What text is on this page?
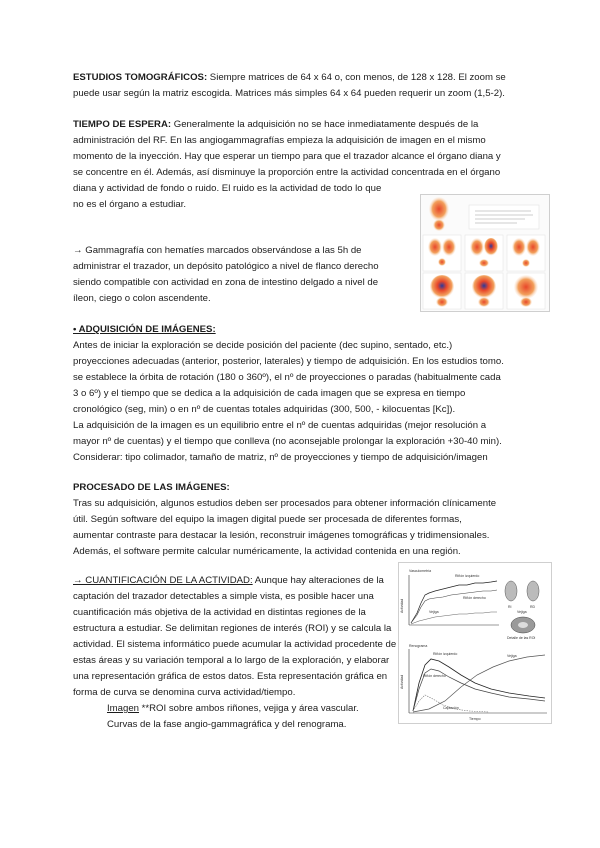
ESTUDIOS TOMOGRÁFICOS: Siempre matrices de 64 x 64 o, con menos, de 128 x 128. El zoom se

puede usar según la matriz escogida. Matrices más simples 64 x 64 pueden requerir un zoom (1,5-2).

TIEMPO DE ESPERA: Generalmente la adquisición no se hace inmediatamente después de la

administración del RF. En las angiogammagrafías empieza la adquisición de imagen en el mismo

momento de la inyección. Hay que esperar un tiempo para que el trazador alcance el órgano diana y

se concentre en él. Además, así disminuye la proporción entre la actividad concentrada en el órgano

diana y actividad de fondo o ruido. El ruido es la actividad de todo lo que

no es el órgano a estudiar.

→ Gammagrafía con hematíes marcados observándose a las 5h de

administrar el trazador, un depósito patológico a nivel de flanco derecho

siendo compatible con actividad en zona de intestino delgado a nivel de

íleon, ciego o colon ascendente.

• ADQUISICIÓN DE IMÁGENES:

Antes de iniciar la exploración se decide posición del paciente (dec supino, sentado, etc.)

proyecciones adecuadas (anterior, posterior, laterales) y tiempo de adquisición. En los estudios tomo.

se establece la órbita de rotación (180 o 360º), el nº de proyecciones o paradas (habitualmente cada

3 o 6º) y el tiempo que se dedica a la adquisición de cada imagen que se expresa en tiempo

cronológico (seg, min) o en nº de cuentas totales adquiridas (300, 500, - kilocuentas [Kc]).

La adquisición de la imagen es un equilibrio entre el nº de cuentas adquiridas (mejor resolución a

mayor nº de cuentas) y el tiempo que conlleva (no aconsejable prolongar la exploración +30-40 min).

Considerar: tipo colimador, tamaño de matriz, nº de proyecciones y tiempo de adquisición/imagen

PROCESADO DE LAS IMÁGENES:

Tras su adquisición, algunos estudios deben ser procesados para obtener información clínicamente

útil. Según software del equipo la imagen digital puede ser procesada de diferentes formas,

aumentar contraste para destacar la lesión, reconstruir imágenes tomográficas y tridimensionales.

Además, el software permite calcular numéricamente, la actividad contenida en una región.

→ CUANTIFICACIÓN DE LA ACTIVIDAD: Aunque hay alteraciones de la

captación del trazador detectables a simple vista, es posible hacer una

cuantificación más objetiva de la actividad en distintas regiones de la

estructura a estudiar. Se delimitan regiones de interés (ROI) y se calcula la

actividad. El sistema informático puede acumular la actividad procedente de

estas áreas y su variación temporal a lo largo de la exploración, y elaborar

una representación gráfica de estos datos. Esta representación gráfica en

forma de curva se denomina curva actividad/tiempo.

Imagen **ROI sobre ambos riñones, vejiga y área vascular.

Curvas de la fase angio-gammagráfica y del renograma.

Vasculometría
Actividad
Riñón izquierdo
Riñón derecho
Vejiga
RI	RD
Vejiga
Detalle de las ROI
Renograma
Actividad
Riñón izquierdo
Riñón derecho
Vejiga
Captación
Tiempo
